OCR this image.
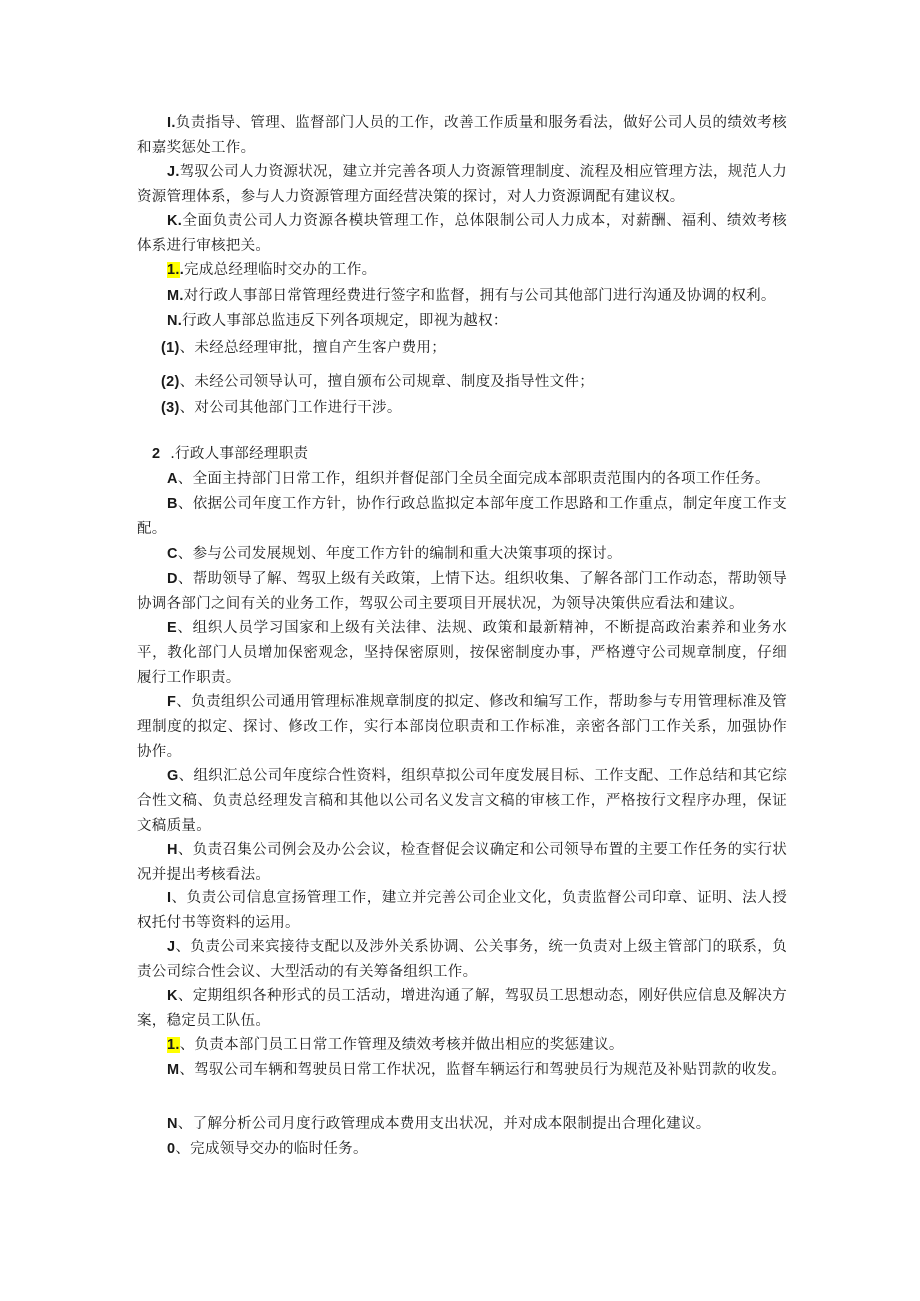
I.负责指导、管理、监督部门人员的工作，改善工作质量和服务看法，做好公司人员的绩效考核和嘉奖惩处工作。

J.驾驭公司人力资源状况，建立并完善各项人力资源管理制度、流程及相应管理方法，规范人力资源管理体系，参与人力资源管理方面经营决策的探讨，对人力资源调配有建议权。

K.全面负责公司人力资源各模块管理工作，总体限制公司人力成本，对薪酬、福利、绩效考核体系进行审核把关。

1..完成总经理临时交办的工作。

M.对行政人事部日常管理经费进行签字和监督，拥有与公司其他部门进行沟通及协调的权利。

N.行政人事部总监违反下列各项规定，即视为越权：

(1)、未经总经理审批，擅自产生客户费用；

(2)、未经公司领导认可，擅自颁布公司规章、制度及指导性文件；

(3)、对公司其他部门工作进行干涉。

2 .行政人事部经理职责

A、全面主持部门日常工作，组织并督促部门全员全面完成本部职责范围内的各项工作任务。

B、依据公司年度工作方针，协作行政总监拟定本部年度工作思路和工作重点，制定年度工作支配。

C、参与公司发展规划、年度工作方针的编制和重大决策事项的探讨。

D、帮助领导了解、驾驭上级有关政策，上情下达。组织收集、了解各部门工作动态，帮助领导协调各部门之间有关的业务工作，驾驭公司主要项目开展状况，为领导决策供应看法和建议。

E、组织人员学习国家和上级有关法律、法规、政策和最新精神，不断提高政治素养和业务水平，教化部门人员增加保密观念，坚持保密原则，按保密制度办事，严格遵守公司规章制度，仔细履行工作职责。

F、负责组织公司通用管理标准规章制度的拟定、修改和编写工作，帮助参与专用管理标准及管理制度的拟定、探讨、修改工作，实行本部岗位职责和工作标准，亲密各部门工作关系，加强协作协作。

G、组织汇总公司年度综合性资料，组织草拟公司年度发展目标、工作支配、工作总结和其它综合性文稿、负责总经理发言稿和其他以公司名义发言文稿的审核工作，严格按行文程序办理，保证文稿质量。

H、负责召集公司例会及办公会议，检查督促会议确定和公司领导布置的主要工作任务的实行状况并提出考核看法。

I、负责公司信息宣扬管理工作，建立并完善公司企业文化，负责监督公司印章、证明、法人授权托付书等资料的运用。

J、负责公司来宾接待支配以及涉外关系协调、公关事务，统一负责对上级主管部门的联系，负责公司综合性会议、大型活动的有关筹备组织工作。

K、定期组织各种形式的员工活动，增进沟通了解，驾驭员工思想动态，刚好供应信息及解决方案，稳定员工队伍。

1.、负责本部门员工日常工作管理及绩效考核并做出相应的奖惩建议。

M、驾驭公司车辆和驾驶员日常工作状况，监督车辆运行和驾驶员行为规范及补贴罚款的收发。

N、了解分析公司月度行政管理成本费用支出状况，并对成本限制提出合理化建议。

0、完成领导交办的临时任务。
